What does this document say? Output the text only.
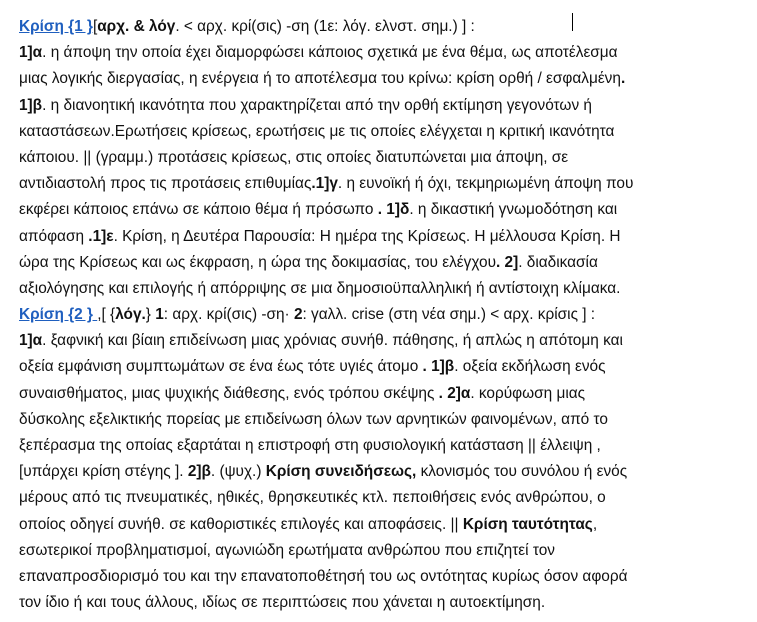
Κρίση {1 }[αρχ. & λόγ. < αρχ. κρί(σις) -ση (1ε: λόγ. ελνστ. σημ.) ] :
1]α. η άποψη την οποία έχει διαμορφώσει κάποιος σχετικά με ένα θέμα, ως αποτέλεσμα
μιας λογικής διεργασίας, η ενέργεια ή το αποτέλεσμα του κρίνω: κρίση ορθή / εσφαλμένη.
1]β. η διανοητική ικανότητα που χαρακτηρίζεται από την ορθή εκτίμηση γεγονότων ή
καταστάσεων.Ερωτήσεις κρίσεως, ερωτήσεις με τις οποίες ελέγχεται η κριτική ικανότητα
κάποιου. || (γραμμ.) προτάσεις κρίσεως, στις οποίες διατυπώνεται μια άποψη, σε
αντιδιαστολή προς τις προτάσεις επιθυμίας.1]γ. η ευνοϊκή ή όχι, τεκμηριωμένη άποψη που
εκφέρει κάποιος επάνω σε κάποιο θέμα ή πρόσωπο . 1]δ. η δικαστική γνωμοδότηση και
απόφαση .1]ε. Κρίση, η Δευτέρα Παρουσία: Η ημέρα της Κρίσεως. Η μέλλουσα Κρίση. Η
ώρα της Κρίσεως και ως έκφραση, η ώρα της δοκιμασίας, του ελέγχου. 2]. διαδικασία
αξιολόγησης και επιλογής ή απόρριψης σε μια δημοσιοϋπαλληλική ή αντίστοιχη κλίμακα.
Κρίση {2 } ,[ {λόγ.} 1: αρχ. κρί(σις) -ση· 2: γαλλ. crise (στη νέα σημ.) < αρχ. κρίσις ] :
1]α. ξαφνική και βίαιη επιδείνωση μιας χρόνιας συνήθ. πάθησης, ή απλώς η απότομη και
οξεία εμφάνιση συμπτωμάτων σε ένα έως τότε υγιές άτομο . 1]β. οξεία εκδήλωση ενός
συναισθήματος, μιας ψυχικής διάθεσης, ενός τρόπου σκέψης . 2]α. κορύφωση μιας
δύσκολης εξελικτικής πορείας με επιδείνωση όλων των αρνητικών φαινομένων, από το
ξεπέρασμα της οποίας εξαρτάται η επιστροφή στη φυσιολογική κατάσταση || έλλειψη ,
[υπάρχει κρίση στέγης ]. 2]β. (ψυχ.) Κρίση συνειδήσεως, κλονισμός του συνόλου ή ενός
μέρους από τις πνευματικές, ηθικές, θρησκευτικές κτλ. πεποιθήσεις ενός ανθρώπου, ο
οποίος οδηγεί συνήθ. σε καθοριστικές επιλογές και αποφάσεις. || Κρίση ταυτότητας,
εσωτερικοί προβληματισμοί, αγωνιώδη ερωτήματα ανθρώπου που επιζητεί τον
επαναπροσδιορισμό του και την επανατοποθέτησή του ως οντότητας κυρίως όσον αφορά
τον ίδιο ή και τους άλλους, ιδίως σε περιπτώσεις που χάνεται η αυτοεκτίμηση.
